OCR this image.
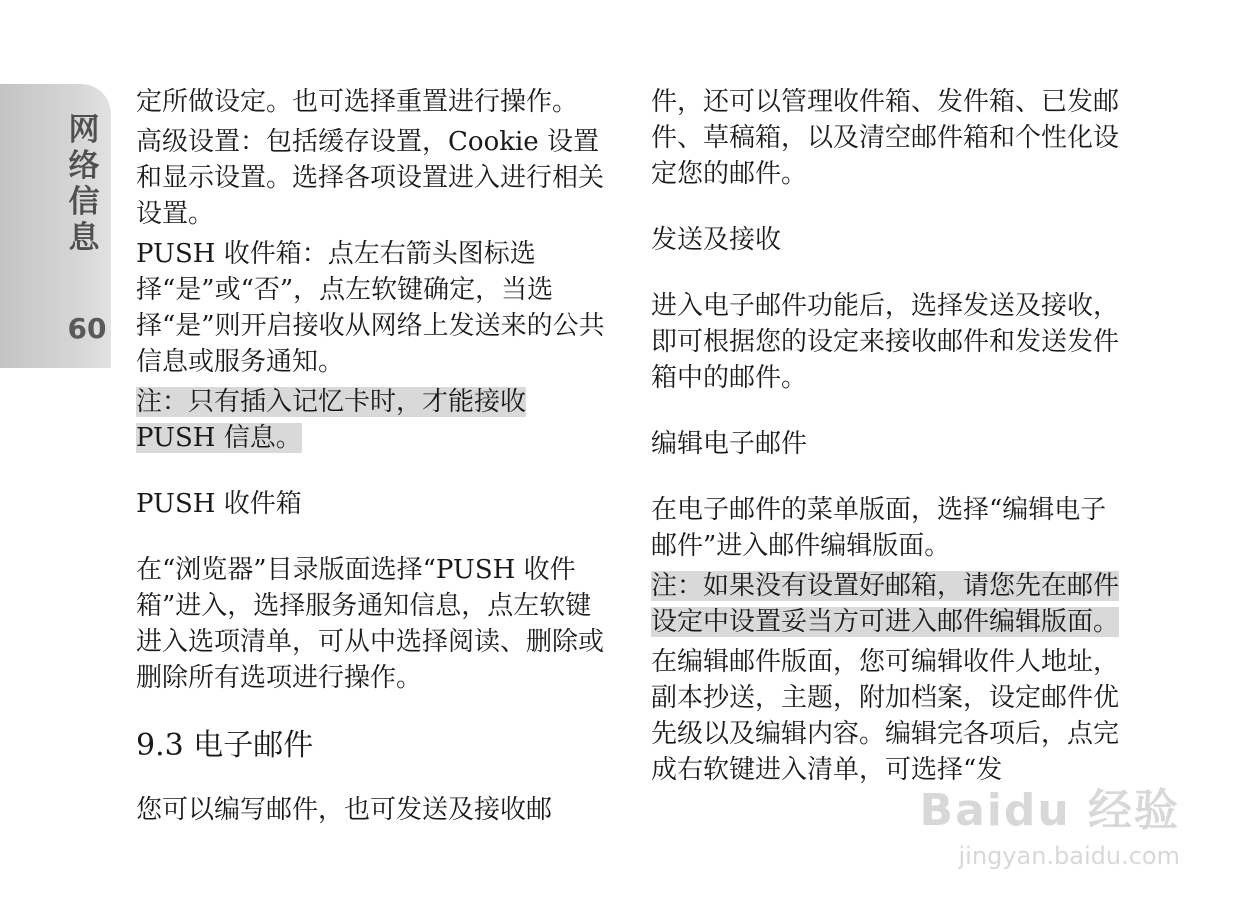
网络信息
60

定所做设定。也可选择重置进行操作。

高级设置：包括缓存设置，Cookie 设置和显示设置。选择各项设置进入进行相关设置。

PUSH 收件箱：点左右箭头图标选择“是”或“否”，点左软键确定，当选择“是”则开启接收从网络上发送来的公共信息或服务通知。

注：只有插入记忆卡时，才能接收 PUSH 信息。

PUSH 收件箱

在“浏览器”目录版面选择“PUSH 收件箱”进入，选择服务通知信息，点左软键进入选项清单，可从中选择阅读、删除或删除所有选项进行操作。

9.3 电子邮件

您可以编写邮件，也可发送及接收邮

件，还可以管理收件箱、发件箱、已发邮件、草稿箱，以及清空邮件箱和个性化设定您的邮件。

发送及接收

进入电子邮件功能后，选择发送及接收，即可根据您的设定来接收邮件和发送发件箱中的邮件。

编辑电子邮件

在电子邮件的菜单版面，选择“编辑电子邮件”进入邮件编辑版面。

注：如果没有设置好邮箱，请您先在邮件设定中设置妥当方可进入邮件编辑版面。

在编辑邮件版面，您可编辑收件人地址，副本抄送，主题，附加档案，设定邮件优先级以及编辑内容。编辑完各项后，点完成右软键进入清单，可选择“发

Baidu 经验
jingyan.baidu.com
